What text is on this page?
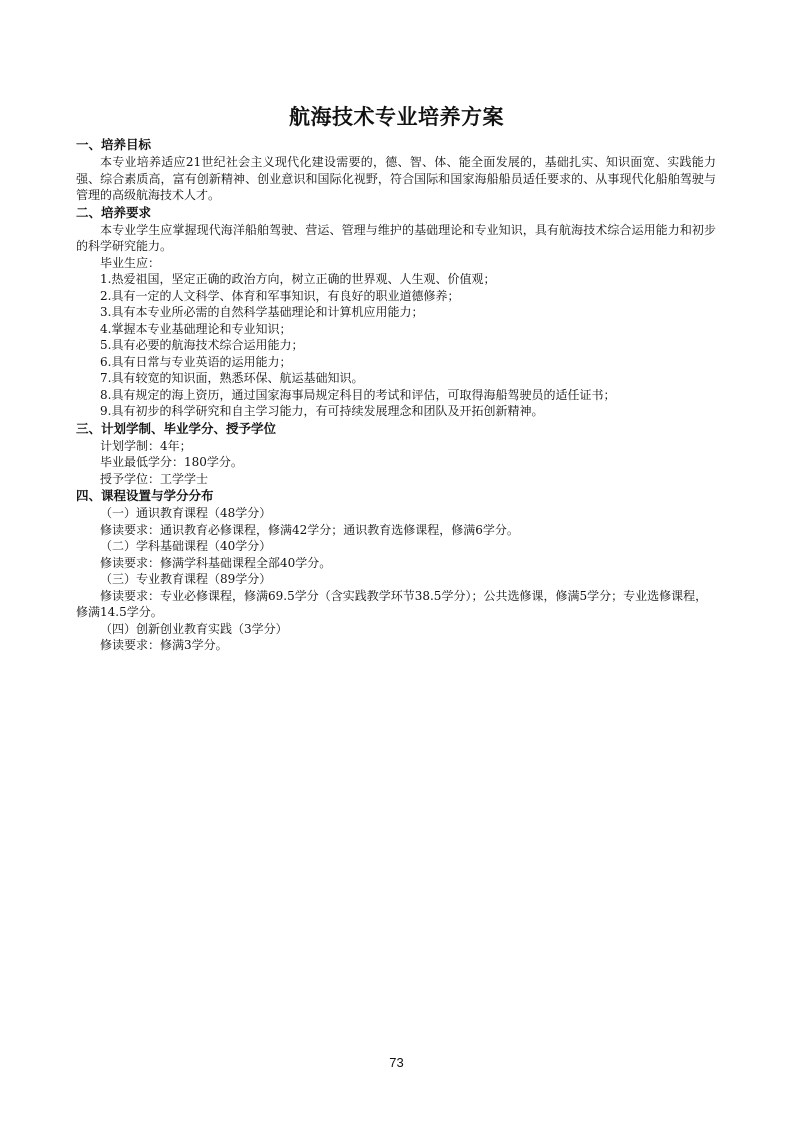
航海技术专业培养方案

一、培养目标

本专业培养适应21世纪社会主义现代化建设需要的，德、智、体、能全面发展的，基础扎实、知识面宽、实践能力强、综合素质高，富有创新精神、创业意识和国际化视野，符合国际和国家海船船员适任要求的、从事现代化船舶驾驶与管理的高级航海技术人才。

二、培养要求

本专业学生应掌握现代海洋船舶驾驶、营运、管理与维护的基础理论和专业知识，具有航海技术综合运用能力和初步的科学研究能力。

毕业生应：

1.热爱祖国，坚定正确的政治方向，树立正确的世界观、人生观、价值观；

2.具有一定的人文科学、体育和军事知识，有良好的职业道德修养；

3.具有本专业所必需的自然科学基础理论和计算机应用能力；

4.掌握本专业基础理论和专业知识；

5.具有必要的航海技术综合运用能力；

6.具有日常与专业英语的运用能力；

7.具有较宽的知识面，熟悉环保、航运基础知识。

8.具有规定的海上资历，通过国家海事局规定科目的考试和评估，可取得海船驾驶员的适任证书；

9.具有初步的科学研究和自主学习能力，有可持续发展理念和团队及开拓创新精神。

三、计划学制、毕业学分、授予学位

计划学制：4年；

毕业最低学分：180学分。

授予学位：工学学士

四、课程设置与学分分布

（一）通识教育课程（48学分）

修读要求：通识教育必修课程，修满42学分；通识教育选修课程，修满6学分。

（二）学科基础课程（40学分）

修读要求：修满学科基础课程全部40学分。

（三）专业教育课程（89学分）

修读要求：专业必修课程，修满69.5学分（含实践教学环节38.5学分）；公共选修课，修满5学分；专业选修课程，修满14.5学分。

（四）创新创业教育实践（3学分）

修读要求：修满3学分。

73
